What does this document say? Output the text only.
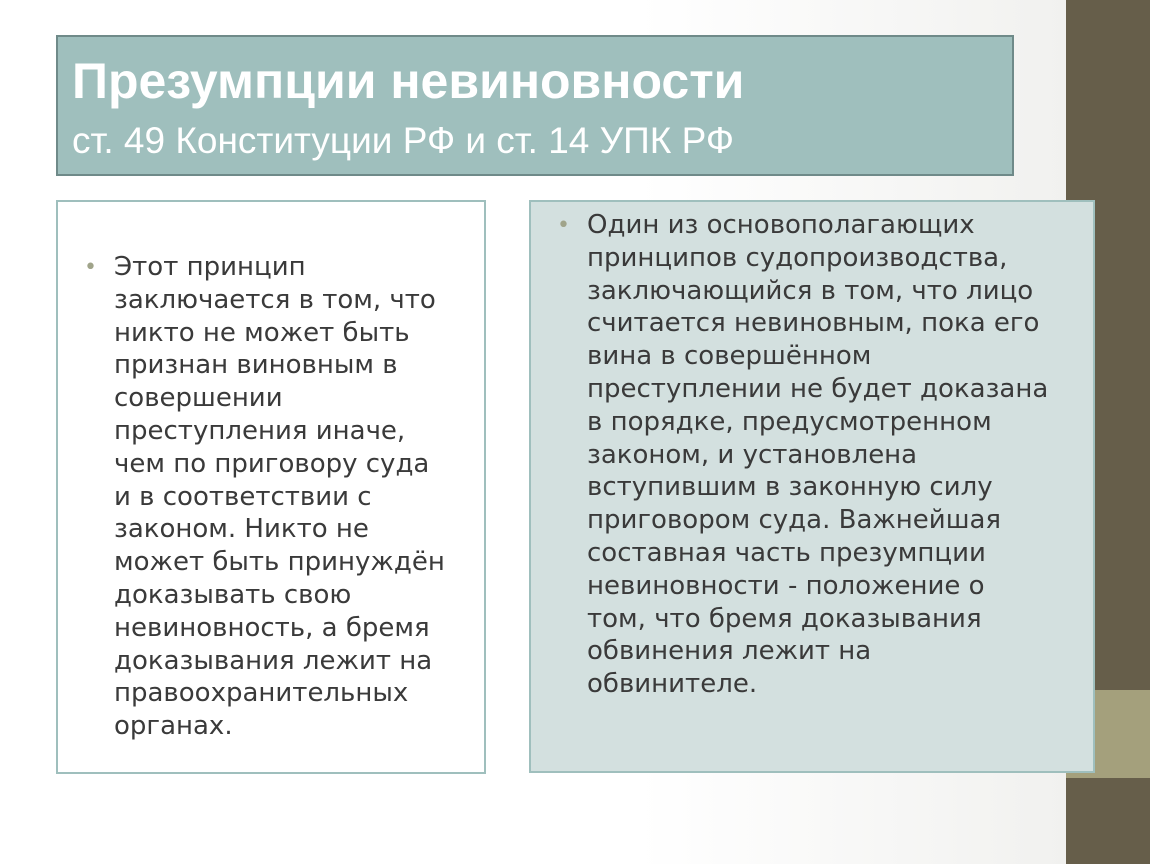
Презумпции невиновности

ст. 49 Конституции РФ и ст. 14 УПК РФ

• Этот принцип
заключается в том, что
никто не может быть
признан виновным в
совершении
преступления иначе,
чем по приговору суда
и в соответствии с
законом. Никто не
может быть принуждён
доказывать свою
невиновность, а бремя
доказывания лежит на
правоохранительных
органах.

• Один из основополагающих
принципов судопроизводства,
заключающийся в том, что лицо
считается невиновным, пока его
вина в совершённом
преступлении не будет доказана
в порядке, предусмотренном
законом, и установлена
вступившим в законную силу
приговором суда. Важнейшая
составная часть презумпции
невиновности - положение о
том, что бремя доказывания
обвинения лежит на
обвинителе.
